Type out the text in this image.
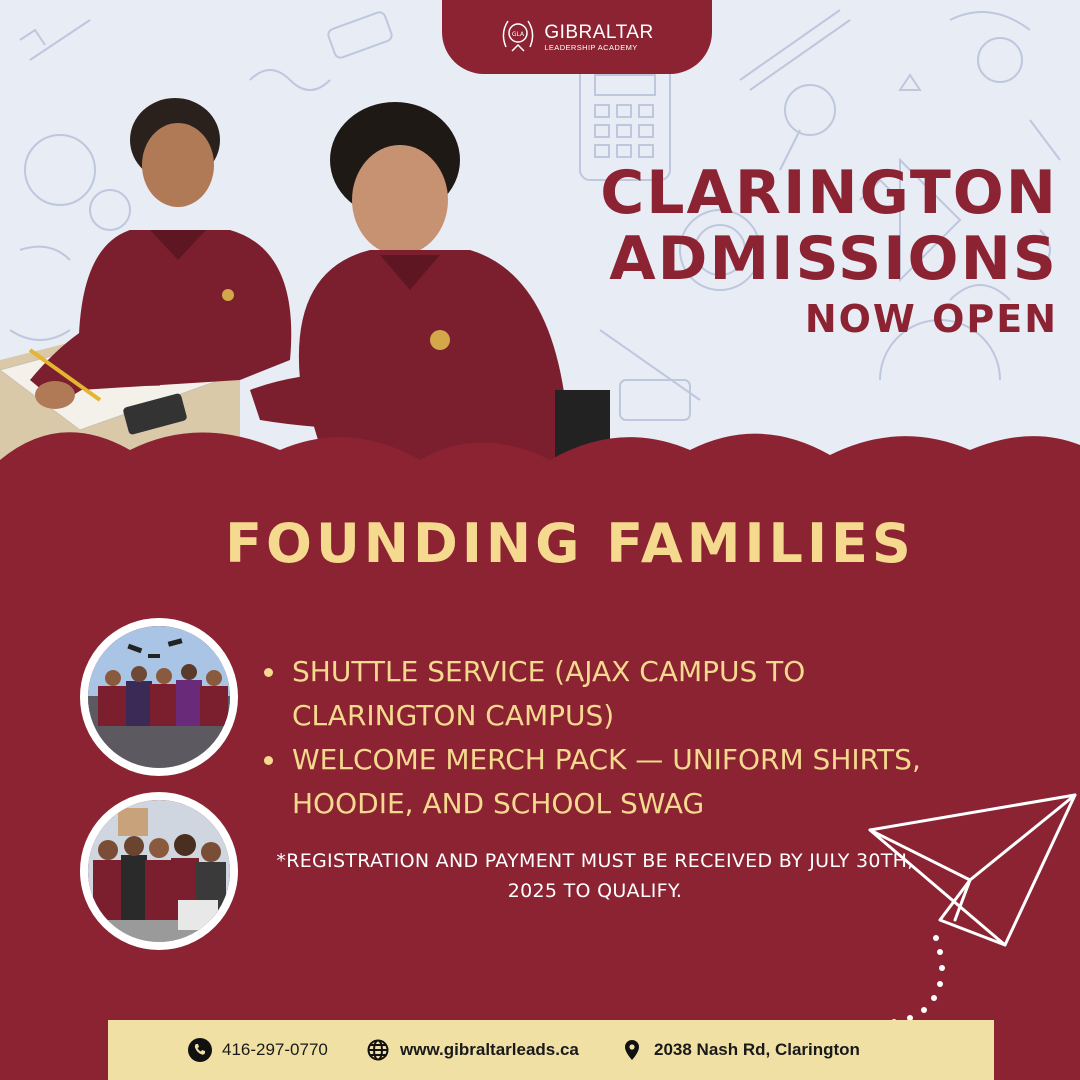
GLA GIBRALTAR
LEADERSHIP ACADEMY
CLARINGTON
ADMISSIONS
NOW OPEN
FOUNDING FAMILIES
SHUTTLE SERVICE (AJAX CAMPUS TO CLARINGTON CAMPUS)
WELCOME MERCH PACK — UNIFORM SHIRTS, HOODIE, AND SCHOOL SWAG
*REGISTRATION AND PAYMENT MUST BE RECEIVED BY JULY 30TH, 2025 TO QUALIFY.
416-297-0770	www.gibraltarleads.ca	2038 Nash Rd, Clarington
